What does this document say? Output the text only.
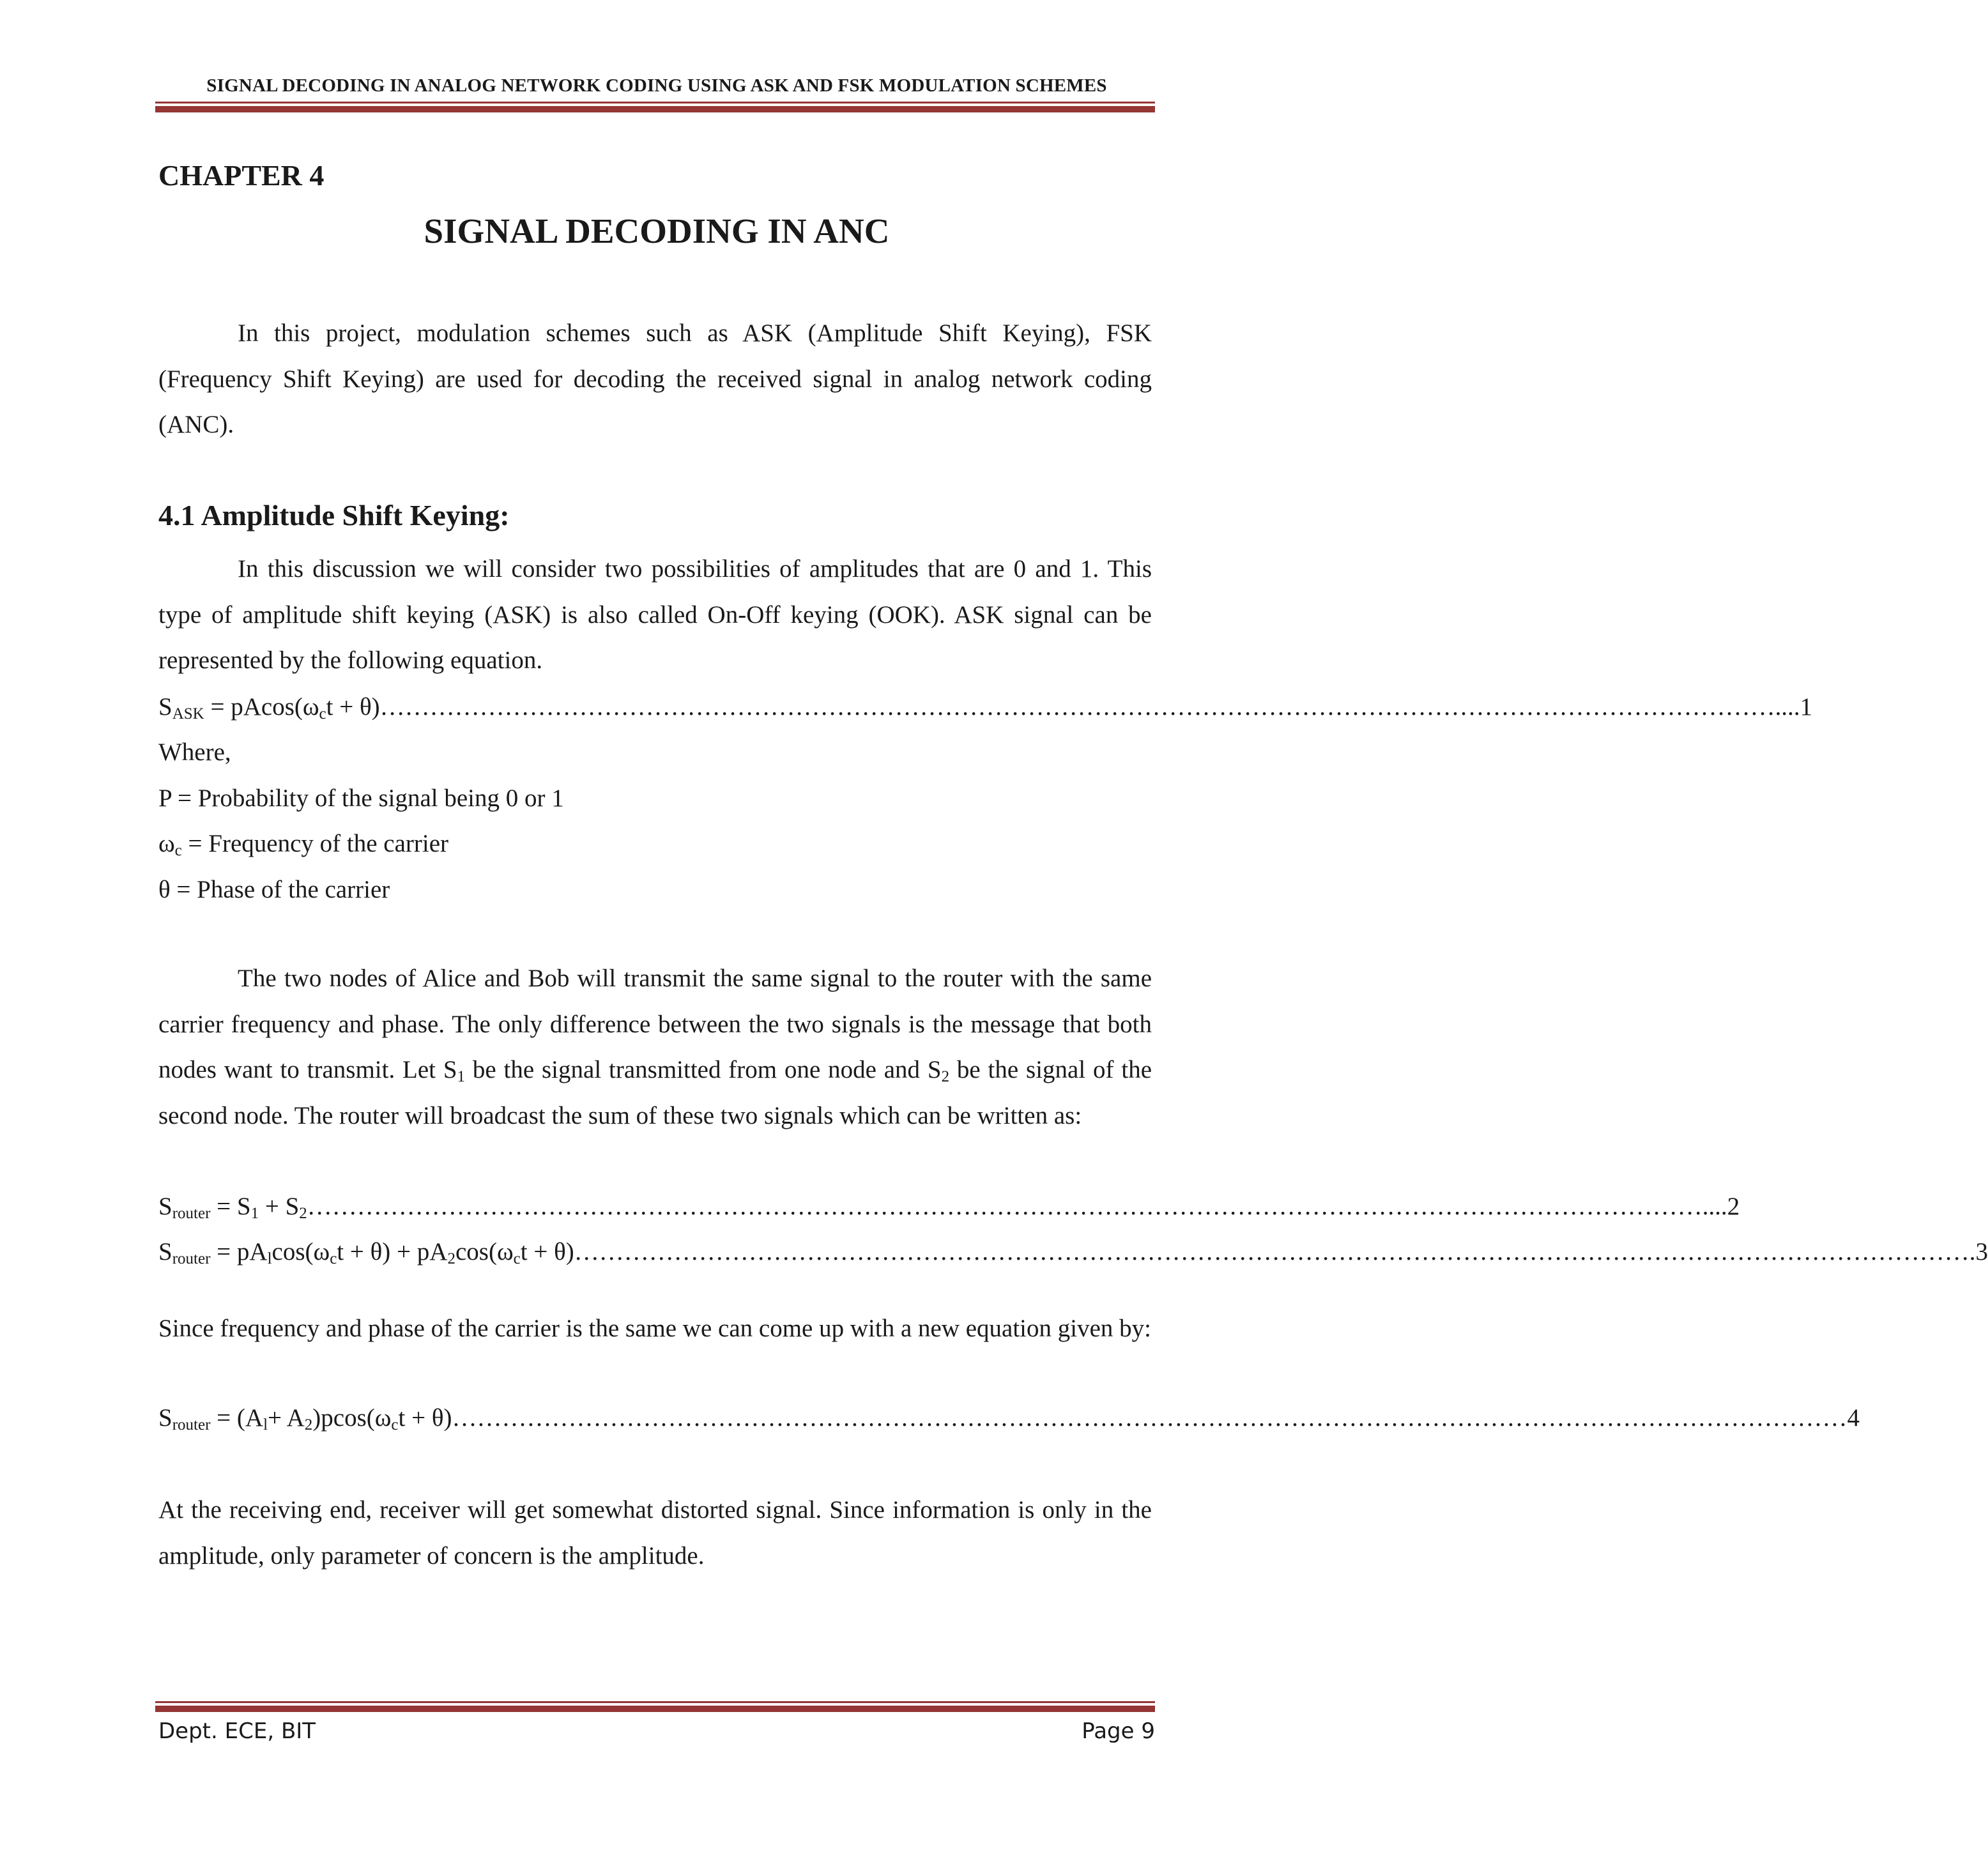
SIGNAL DECODING IN ANALOG NETWORK CODING USING ASK AND FSK MODULATION SCHEMES
CHAPTER 4
SIGNAL DECODING IN ANC

In this project, modulation schemes such as ASK (Amplitude Shift Keying), FSK (Frequency Shift Keying) are used for decoding the received signal in analog network coding (ANC).

4.1 Amplitude Shift Keying:

In this discussion we will consider two possibilities of amplitudes that are 0 and 1. This type of amplitude shift keying (ASK) is also called On-Off keying (OOK). ASK signal can be represented by the following equation.

$S_{ASK} = pAcos(\omega_ct + \theta)$ …………………………………………………………………………………………………………………………………………………… ....1
Where,
P = Probability of the signal being 0 or 1
$\omega_c$ = Frequency of the carrier
θ = Phase of the carrier

The two nodes of Alice and Bob will transmit the same signal to the router with the same carrier frequency and phase. The only difference between the two signals is the message that both nodes want to transmit. Let $S_1$ be the signal transmitted from one node and $S_2$ be the signal of the second node. The router will broadcast the sum of these two signals which can be written as:

$S_{router} = S_1 + S_2$ …………………………………………………………………………………………………………………………………………………… ....2
$S_{router} = pA_l\cos(\omega_ct + \theta) + pA_2\cos(\omega_ct + \theta)$ …………………………………………………………………………………………………………………………………………………… .3

Since frequency and phase of the carrier is the same we can come up with a new equation given by:

$S_{router} = (A_l+ A_2)pcos(\omega_ct + \theta)$ …………………………………………………………………………………………………………………………………………………… 4

At the receiving end, receiver will get somewhat distorted signal. Since information is only in the amplitude, only parameter of concern is the amplitude.

Dept. ECE, BIT	Page 9
